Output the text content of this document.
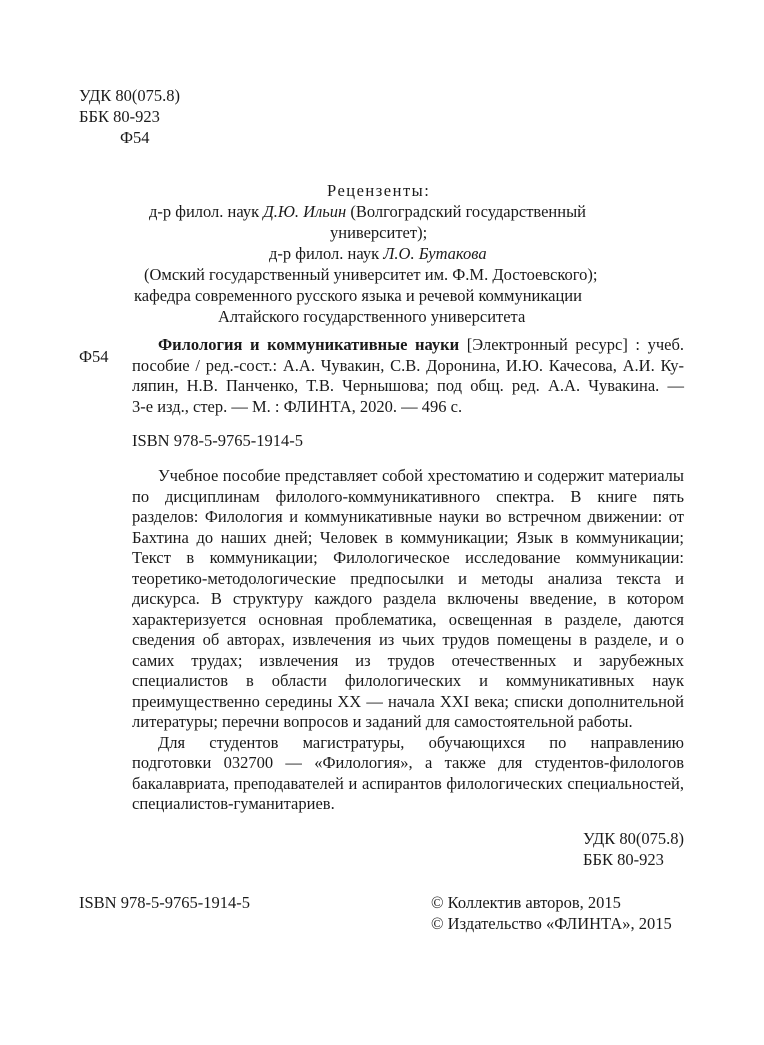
УДК 80(075.8)
ББК 80-923
Ф54
Рецензенты:
д-р филол. наук Д.Ю. Ильин (Волгоградский государственный
университет);
д-р филол. наук Л.О. Бутакова
(Омский государственный университет им. Ф.М. Достоевского);
кафедра современного русского языка и речевой коммуникации
Алтайского государственного университета
Ф54
Филология и коммуникативные науки [Электронный ресурс] : учеб.
пособие / ред.-сост.: А.А. Чувакин, С.В. Доронина, И.Ю. Качесова, А.И. Ку-
ляпин, Н.В. Панченко, Т.В. Чернышова; под общ. ред. А.А. Чувакина. —
3-е изд., стер. — М. : ФЛИНТА, 2020. — 496 с.
ISBN 978-5-9765-1914-5
Учебное пособие представляет собой хрестоматию и содержит материалы
по дисциплинам филолого-коммуникативного спектра. В книге пять
разделов: Филология и коммуникативные науки во встречном движении: от
Бахтина до наших дней; Человек в коммуникации; Язык в коммуникации;
Текст в коммуникации; Филологическое исследование коммуникации:
теоретико-методологические предпосылки и методы анализа текста и
дискурса. В структуру каждого раздела включены введение, в котором
характеризуется основная проблематика, освещенная в разделе, даются
сведения об авторах, извлечения из чьих трудов помещены в разделе, и о
самих трудах; извлечения из трудов отечественных и зарубежных
специалистов в области филологических и коммуникативных наук
преимущественно середины XX — начала XXI века; списки дополнительной
литературы; перечни вопросов и заданий для самостоятельной работы.
Для студентов магистратуры, обучающихся по направлению
подготовки 032700 — «Филология», а также для студентов-филологов
бакалавриата, преподавателей и аспирантов филологических специальностей,
специалистов-гуманитариев.
УДК 80(075.8)
ББК 80-923
ISBN 978-5-9765-1914-5	© Коллектив авторов, 2015
© Издательство «ФЛИНТА», 2015
